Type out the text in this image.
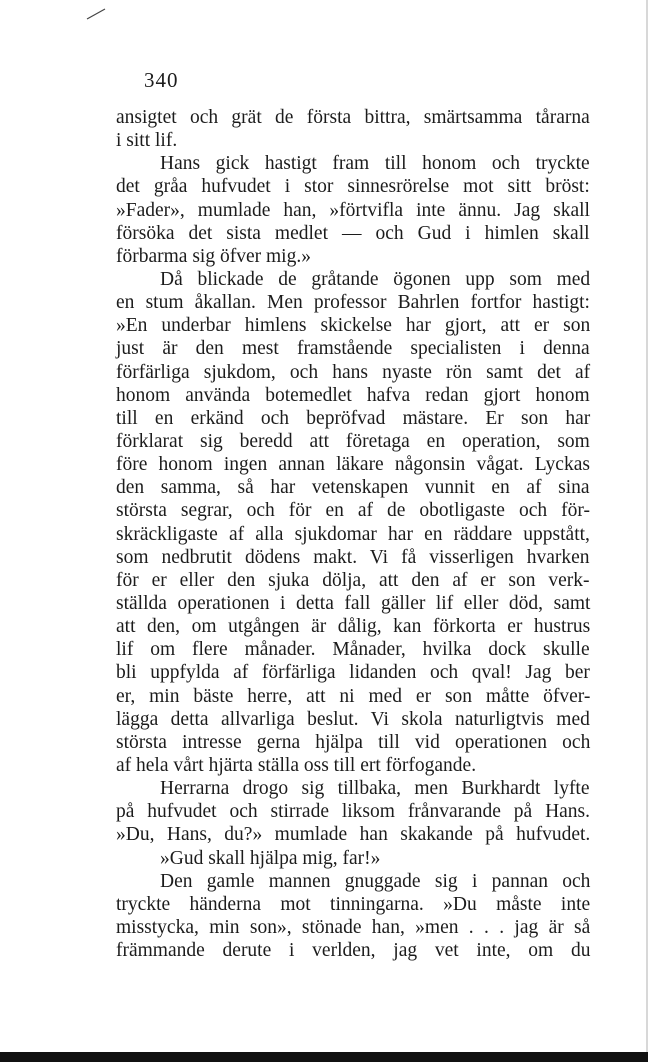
340
ansigtet och grät de första bittra, smärtsamma tårarna
i sitt lif.
Hans gick hastigt fram till honom och tryckte
det gråa hufvudet i stor sinnesrörelse mot sitt bröst:
»Fader», mumlade han, »förtvifla inte ännu. Jag skall
försöka det sista medlet — och Gud i himlen skall
förbarma sig öfver mig.»
Då blickade de gråtande ögonen upp som med
en stum åkallan. Men professor Bahrlen fortfor hastigt:
»En underbar himlens skickelse har gjort, att er son
just är den mest framstående specialisten i denna
förfärliga sjukdom, och hans nyaste rön samt det af
honom använda botemedlet hafva redan gjort honom
till en erkänd och bepröfvad mästare. Er son har
förklarat sig beredd att företaga en operation, som
före honom ingen annan läkare någonsin vågat. Lyckas
den samma, så har vetenskapen vunnit en af sina
största segrar, och för en af de obotligaste och för-
skräckligaste af alla sjukdomar har en räddare uppstått,
som nedbrutit dödens makt. Vi få visserligen hvarken
för er eller den sjuka dölja, att den af er son verk-
ställda operationen i detta fall gäller lif eller död, samt
att den, om utgången är dålig, kan förkorta er hustrus
lif om flere månader. Månader, hvilka dock skulle
bli uppfylda af förfärliga lidanden och qval! Jag ber
er, min bäste herre, att ni med er son måtte öfver-
lägga detta allvarliga beslut. Vi skola naturligtvis med
största intresse gerna hjälpa till vid operationen och
af hela vårt hjärta ställa oss till ert förfogande.
Herrarna drogo sig tillbaka, men Burkhardt lyfte
på hufvudet och stirrade liksom frånvarande på Hans.
»Du, Hans, du?» mumlade han skakande på hufvudet.
»Gud skall hjälpa mig, far!»
Den gamle mannen gnuggade sig i pannan och
tryckte händerna mot tinningarna. »Du måste inte
misstycka, min son», stönade han, »men . . . jag är så
främmande derute i verlden, jag vet inte, om du
